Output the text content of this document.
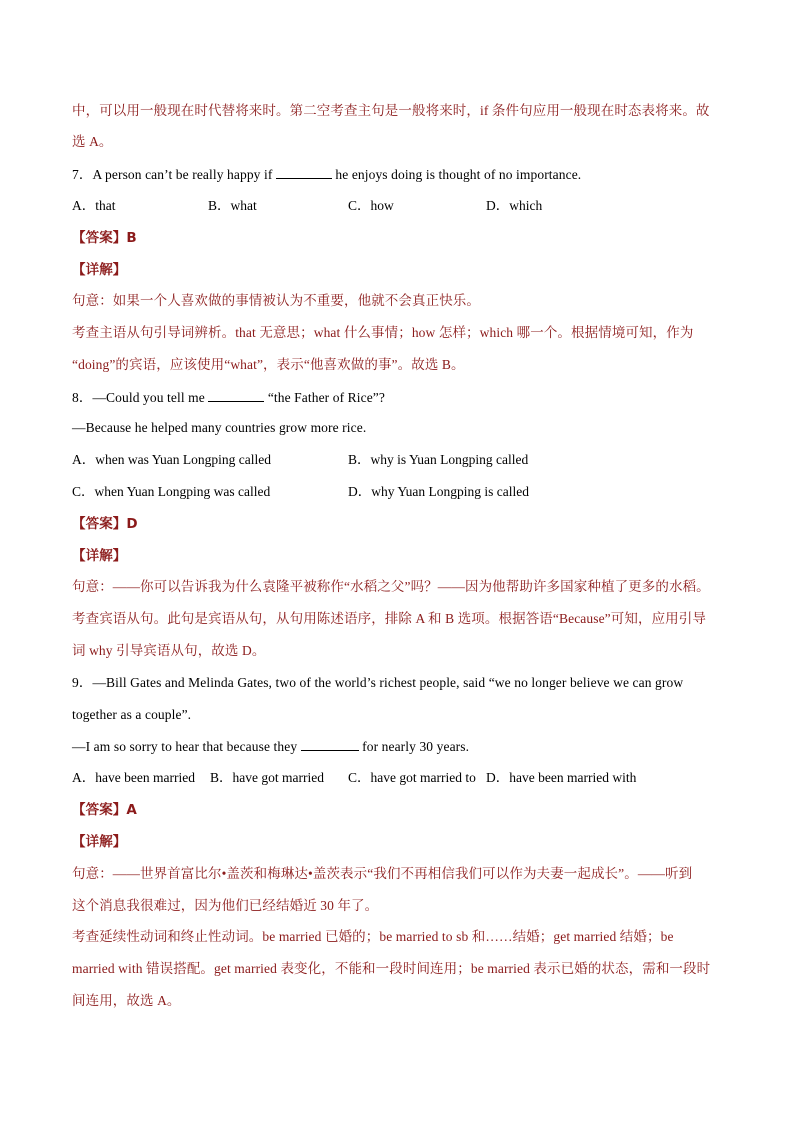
中，可以用一般现在时代替将来时。第二空考查主句是一般将来时，if 条件句应用一般现在时态表将来。故
选 A。
7．A person can’t be really happy if	he enjoys doing is thought of no importance.
A．that	B．what	C．how	D．which
【答案】B
【详解】
句意：如果一个人喜欢做的事情被认为不重要，他就不会真正快乐。
考查主语从句引导词辨析。that 无意思；what 什么事情；how 怎样；which 哪一个。根据情境可知，作为
“doing”的宾语，应该使用“what”，表示“他喜欢做的事”。故选 B。
8．—Could you tell me	“the Father of Rice”?
—Because he helped many countries grow more rice.
A．when was Yuan Longping called	B．why is Yuan Longping called
C．when Yuan Longping was called	D．why Yuan Longping is called
【答案】D
【详解】
句意：——你可以告诉我为什么袁隆平被称作“水稻之父”吗？——因为他帮助许多国家种植了更多的水稻。
考查宾语从句。此句是宾语从句，从句用陈述语序，排除 A 和 B 选项。根据答语“Because”可知，应用引导
词 why 引导宾语从句，故选 D。
9．—Bill Gates and Melinda Gates, two of the world’s richest people, said “we no longer believe we can grow
together as a couple”.
—I am so sorry to hear that because they	for nearly 30 years.
A．have been married B．have got married C．have got married to D．have been married with
【答案】A
【详解】
句意：——世界首富比尔•盖茨和梅琳达•盖茨表示“我们不再相信我们可以作为夫妻一起成长”。——听到
这个消息我很难过，因为他们已经结婚近 30 年了。
考查延续性动词和终止性动词。be married 已婚的；be married to sb 和……结婚；get married 结婚；be
married with 错误搭配。get married 表变化，不能和一段时间连用；be married 表示已婚的状态，需和一段时
间连用，故选 A。
